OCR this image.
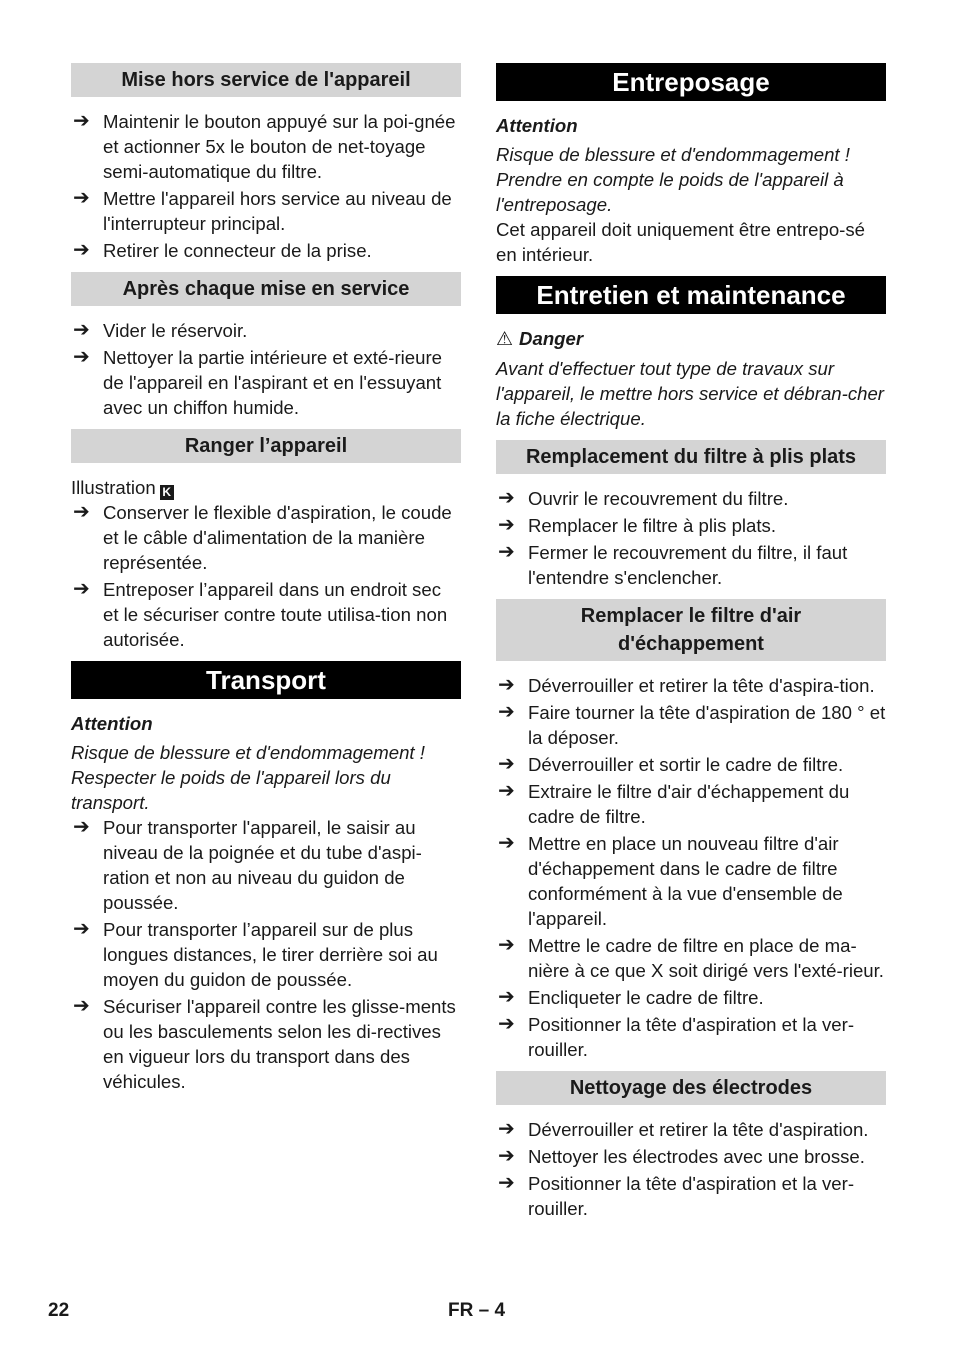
Mise hors service de l'appareil
➔ Maintenir le bouton appuyé sur la poi-gnée et actionner 5x le bouton de net-toyage semi-automatique du filtre.
➔ Mettre l'appareil hors service au niveau de l'interrupteur principal.
➔ Retirer le connecteur de la prise.
Après chaque mise en service
➔ Vider le réservoir.
➔ Nettoyer la partie intérieure et exté-rieure de l'appareil en l'aspirant et en l'essuyant avec un chiffon humide.
Ranger l’appareil

Illustration K

➔ Conserver le flexible d'aspiration, le coude et le câble d'alimentation de la manière représentée.
➔ Entreposer l’appareil dans un endroit sec et le sécuriser contre toute utilisa-tion non autorisée.
Transport

Attention

Risque de blessure et d'endommagement ! Respecter le poids de l'appareil lors du transport.

➔ Pour transporter l'appareil, le saisir au niveau de la poignée et du tube d'aspi-ration et non au niveau du guidon de poussée.
➔ Pour transporter l’appareil sur de plus longues distances, le tirer derrière soi au moyen du guidon de poussée.
➔ Sécuriser l'appareil contre les glisse-ments ou les basculements selon les di-rectives en vigueur lors du transport dans des véhicules.
Entreposage

Attention

Risque de blessure et d'endommagement ! Prendre en compte le poids de l'appareil à l'entreposage.

Cet appareil doit uniquement être entrepo-sé en intérieur.

Entretien et maintenance

⚠ Danger

Avant d'effectuer tout type de travaux sur l'appareil, le mettre hors service et débran-cher la fiche électrique.

Remplacement du filtre à plis plats
➔ Ouvrir le recouvrement du filtre.
➔ Remplacer le filtre à plis plats.
➔ Fermer le recouvrement du filtre, il faut l'entendre s'enclencher.
Remplacer le filtre d'air d'échappement
➔ Déverrouiller et retirer la tête d'aspira-tion.
➔ Faire tourner la tête d'aspiration de 180 ° et la déposer.
➔ Déverrouiller et sortir le cadre de filtre.
➔ Extraire le filtre d'air d'échappement du cadre de filtre.
➔ Mettre en place un nouveau filtre d'air d'échappement dans le cadre de filtre conformément à la vue d'ensemble de l'appareil.
➔ Mettre le cadre de filtre en place de ma-nière à ce que X soit dirigé vers l'exté-rieur.
➔ Encliqueter le cadre de filtre.
➔ Positionner la tête d'aspiration et la ver-rouiller.
Nettoyage des électrodes
➔ Déverrouiller et retirer la tête d'aspiration.
➔ Nettoyer les électrodes avec une brosse.
➔ Positionner la tête d'aspiration et la ver-rouiller.
22	FR – 4
